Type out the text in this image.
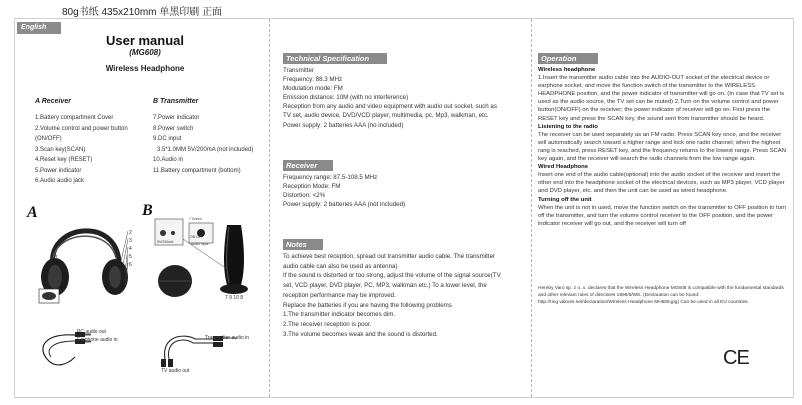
80g书纸 435x210mm 单黑印刷 正面
English
User manual
(MG608)
Wireless Headphone
A Receiver	B Transmitter
1.Battery compartment Cover
2.Volume control and power button
(ON/OFF)
3.Scan key(SCAN)
4.Reset key (RESET)
5.Power indicator
6.Audio audio jack
7.Power indicator
8.Power switch
9.DC input
3.5*1.0MM 5V/200mA (not included)
10.Audio in
11.Battery compartment (bottom)
A	B
2
3
4
5
6
1
7 Green
5V/200mA
ON OFF
Audio input
11	7 9 10 8
PC audio out
Earphone audio in	Transmitter audio in
TV audio out
Technical Specification
Transmitter
Frequency: 88.3 MHz
Modulation mode: FM
Emission distance: 10M (with no interference)
Reception from any audio and video equipment with audio out socket, such as
TV set, audio device, DVD/VCD player, multimedia, pc, Mp3, walkman, etc.
Power supply: 2 batteries AAA (no included)
Receiver
Frequency range: 87.5-108.5 MHz
Reception Mode: FM
Distortion: <2%
Power supply: 2 batteries AAA (not included)
Notes
To achieve best reception, spread out transmitter audio cable. The transmitter
audio cable can also be used as antenna)
If the sound is distorted or too strong, adjust the volume of the signal source(TV
set, VCD player, DVD player, PC, MP3, walkman etc.) To a lower level, the
reception performance may be improved.
Replace the batteries if you are having the following problems
1.The transmitter indicator becomes dim.
2.The receiver reception is poor.
3.The volume becomes weak and the sound is distorted.
Operation

Wireless headphone

1.Insert the transmitter audio cable into the AUDIO-OUT socket of the electrical device or earphone socket, and move the function switch of the transmitter to the WIRELESS HEADPHONE position, and the power indicator of transmitter will go on. (In case that TV set is used as the audio source, the TV set can be muted) 2.Turn on the volume control and power button(ON/OFF) on the receiver; the power indicator of receiver will go on. First press the RESET key and press the SCAN key, the sound sent from transmitter should be heard.

Listening to the radio

The receiver can be used separately as an FM radio. Press SCAN key once, and the receiver will automatically search toward a higher range and lock one radio channel; when the highest rang is reached, press RESET key, and the frequency returns to the lowest range. Press SCAN key again, and the receiver will search the radio channels from the low range again.

Wired Headphone

Insert one end of the audio cable(optional) into the audio socket of the receiver and insert the other end into the headphone socket of the electrical devices, such as MP3 player, VCD player and DVD player, etc. and then the unit can be used as wired headphone.

Turning off the unit

When the unit is not in used, move the function switch on the transmitter to OFF position to turn off the transmitter, and turn the volume control receiver to the OFF position, and the power indicator receiver will go out, and the receiver will turn off

Hereby Varo sp. z o. o. declares that the Wireless Headphone MG608 is compatible with the fundamental standards and other relevant rules of directives 1999/5/WE. (Declaration can be found: http://ring.vakoss.net/declaration/Wireless Headphone MH608.jpg) Can be used in all EU countries.
CE
